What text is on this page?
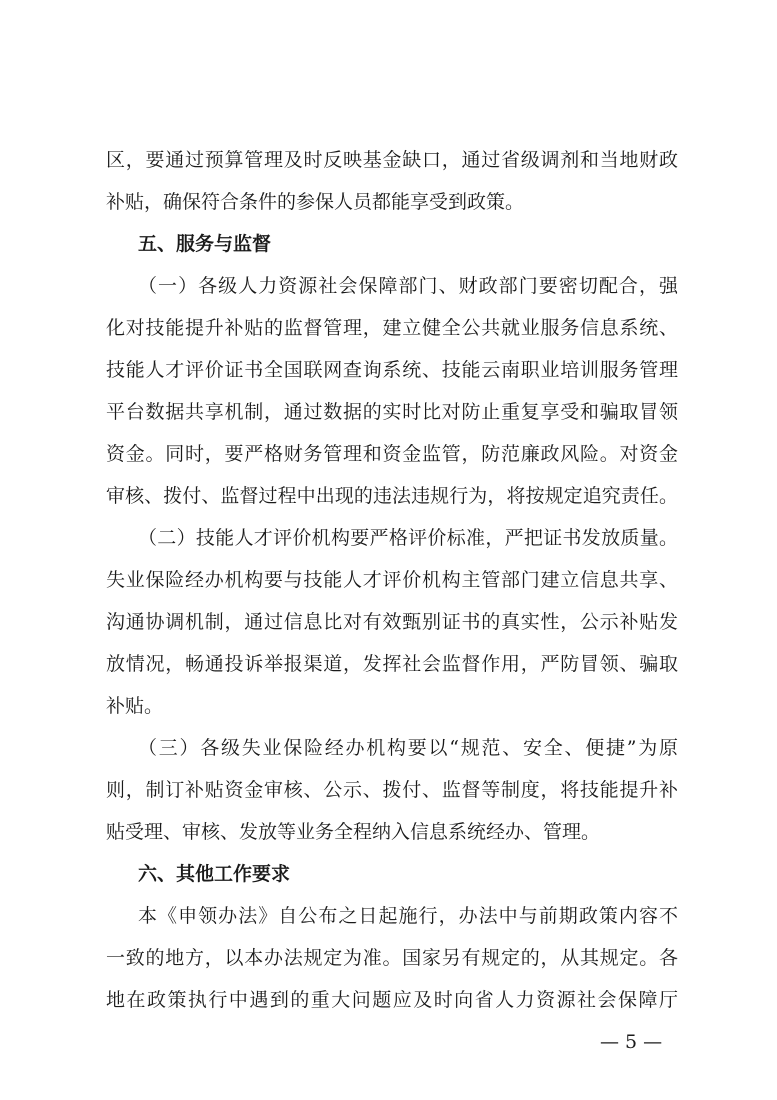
区，要通过预算管理及时反映基金缺口，通过省级调剂和当地财政
补贴，确保符合条件的参保人员都能享受到政策。
五、服务与监督
（一）各级人力资源社会保障部门、财政部门要密切配合，强
化对技能提升补贴的监督管理，建立健全公共就业服务信息系统、
技能人才评价证书全国联网查询系统、技能云南职业培训服务管理
平台数据共享机制，通过数据的实时比对防止重复享受和骗取冒领
资金。同时，要严格财务管理和资金监管，防范廉政风险。对资金
审核、拨付、监督过程中出现的违法违规行为，将按规定追究责任。
（二）技能人才评价机构要严格评价标准，严把证书发放质量。
失业保险经办机构要与技能人才评价机构主管部门建立信息共享、
沟通协调机制，通过信息比对有效甄别证书的真实性，公示补贴发
放情况，畅通投诉举报渠道，发挥社会监督作用，严防冒领、骗取
补贴。
（三）各级失业保险经办机构要以“规范、安全、便捷”为原
则，制订补贴资金审核、公示、拨付、监督等制度，将技能提升补
贴受理、审核、发放等业务全程纳入信息系统经办、管理。
六、其他工作要求
本《申领办法》自公布之日起施行，办法中与前期政策内容不
一致的地方，以本办法规定为准。国家另有规定的，从其规定。各
地在政策执行中遇到的重大问题应及时向省人力资源社会保障厅
— 5 —
